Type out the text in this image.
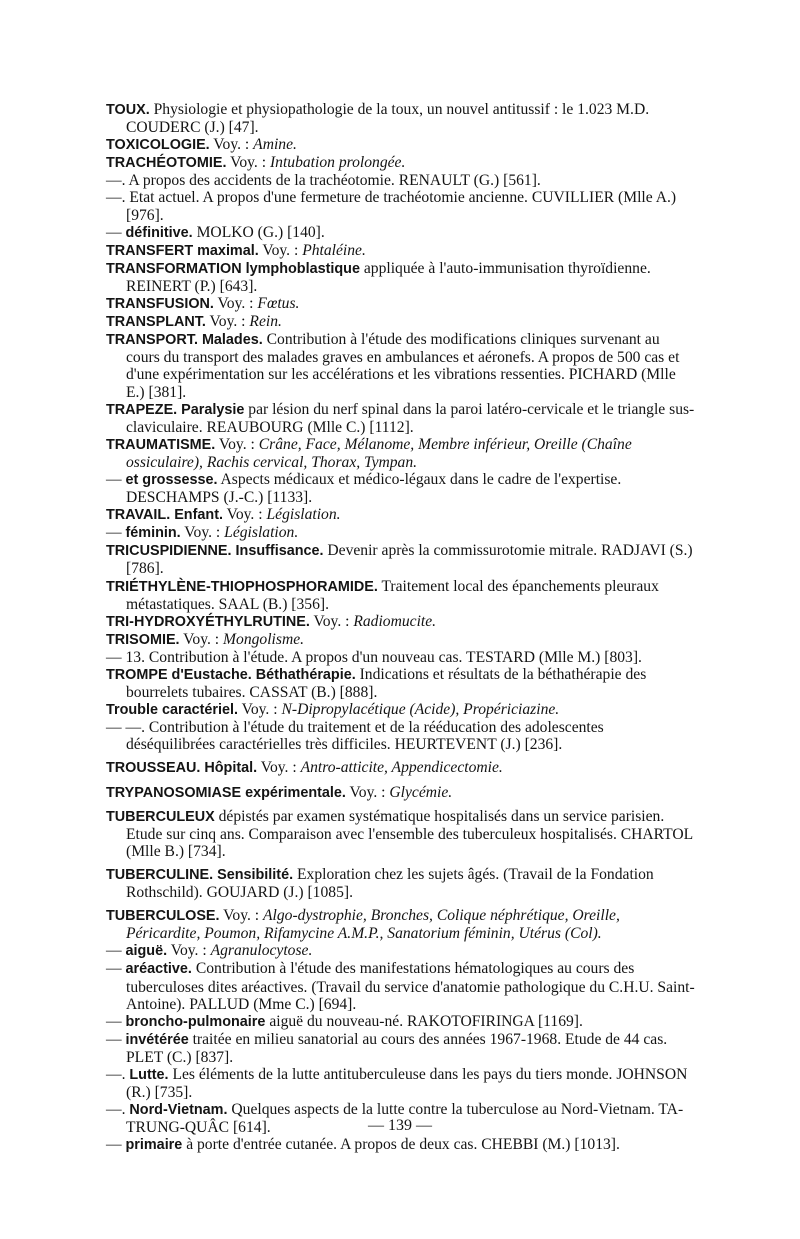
TOUX. Physiologie et physiopathologie de la toux, un nouvel antitussif : le 1.023 M.D. COUDERC (J.) [47].

TOXICOLOGIE. Voy. : Amine.

TRACHÉOTOMIE. Voy. : Intubation prolongée.

—. A propos des accidents de la trachéotomie. RENAULT (G.) [561].

—. Etat actuel. A propos d'une fermeture de trachéotomie ancienne. CUVILLIER (Mlle A.) [976].

— définitive. MOLKO (G.) [140].

TRANSFERT maximal. Voy. : Phtaléine.

TRANSFORMATION lymphoblastique appliquée à l'auto-immunisation thyroïdienne. REINERT (P.) [643].

TRANSFUSION. Voy. : Fœtus.

TRANSPLANT. Voy. : Rein.

TRANSPORT. Malades. Contribution à l'étude des modifications cliniques survenant au cours du transport des malades graves en ambulances et aéronefs. A propos de 500 cas et d'une expérimentation sur les accélérations et les vibrations ressenties. PICHARD (Mlle E.) [381].

TRAPEZE. Paralysie par lésion du nerf spinal dans la paroi latéro-cervicale et le triangle sus-claviculaire. REAUBOURG (Mlle C.) [1112].

TRAUMATISME. Voy. : Crâne, Face, Mélanome, Membre inférieur, Oreille (Chaîne ossiculaire), Rachis cervical, Thorax, Tympan.

— et grossesse. Aspects médicaux et médico-légaux dans le cadre de l'expertise. DESCHAMPS (J.-C.) [1133].

TRAVAIL. Enfant. Voy. : Législation.

— féminin. Voy. : Législation.

TRICUSPIDIENNE. Insuffisance. Devenir après la commissurotomie mitrale. RADJAVI (S.) [786].

TRIÉTHYLÈNE-THIOPHOSPHORAMIDE. Traitement local des épanchements pleuraux métastatiques. SAAL (B.) [356].

TRI-HYDROXYÉTHYLRUTINE. Voy. : Radiomucite.

TRISOMIE. Voy. : Mongolisme.

— 13. Contribution à l'étude. A propos d'un nouveau cas. TESTARD (Mlle M.) [803].

TROMPE d'Eustache. Béthathérapie. Indications et résultats de la béthathérapie des bourrelets tubaires. CASSAT (B.) [888].

Trouble caractériel. Voy. : N-Dipropylacétique (Acide), Propériciazine.

— —. Contribution à l'étude du traitement et de la rééducation des adolescentes déséquilibrées caractérielles très difficiles. HEURTEVENT (J.) [236].

TROUSSEAU. Hôpital. Voy. : Antro-atticite, Appendicectomie.

TRYPANOSOMIASE expérimentale. Voy. : Glycémie.

TUBERCULEUX dépistés par examen systématique hospitalisés dans un service parisien. Etude sur cinq ans. Comparaison avec l'ensemble des tuberculeux hospitalisés. CHARTOL (Mlle B.) [734].

TUBERCULINE. Sensibilité. Exploration chez les sujets âgés. (Travail de la Fondation Rothschild). GOUJARD (J.) [1085].

TUBERCULOSE. Voy. : Algo-dystrophie, Bronches, Colique néphrétique, Oreille, Péricardite, Poumon, Rifamycine A.M.P., Sanatorium féminin, Utérus (Col).

— aiguë. Voy. : Agranulocytose.

— aréactive. Contribution à l'étude des manifestations hématologiques au cours des tuberculoses dites aréactives. (Travail du service d'anatomie pathologique du C.H.U. Saint-Antoine). PALLUD (Mme C.) [694].

— broncho-pulmonaire aiguë du nouveau-né. RAKOTOFIRINGA [1169].

— invétérée traitée en milieu sanatorial au cours des années 1967-1968. Etude de 44 cas. PLET (C.) [837].

—. Lutte. Les éléments de la lutte antituberculeuse dans les pays du tiers monde. JOHNSON (R.) [735].

—. Nord-Vietnam. Quelques aspects de la lutte contre la tuberculose au Nord-Vietnam. TA-TRUNG-QUÂC [614].

— primaire à porte d'entrée cutanée. A propos de deux cas. CHEBBI (M.) [1013].

— 139 —
